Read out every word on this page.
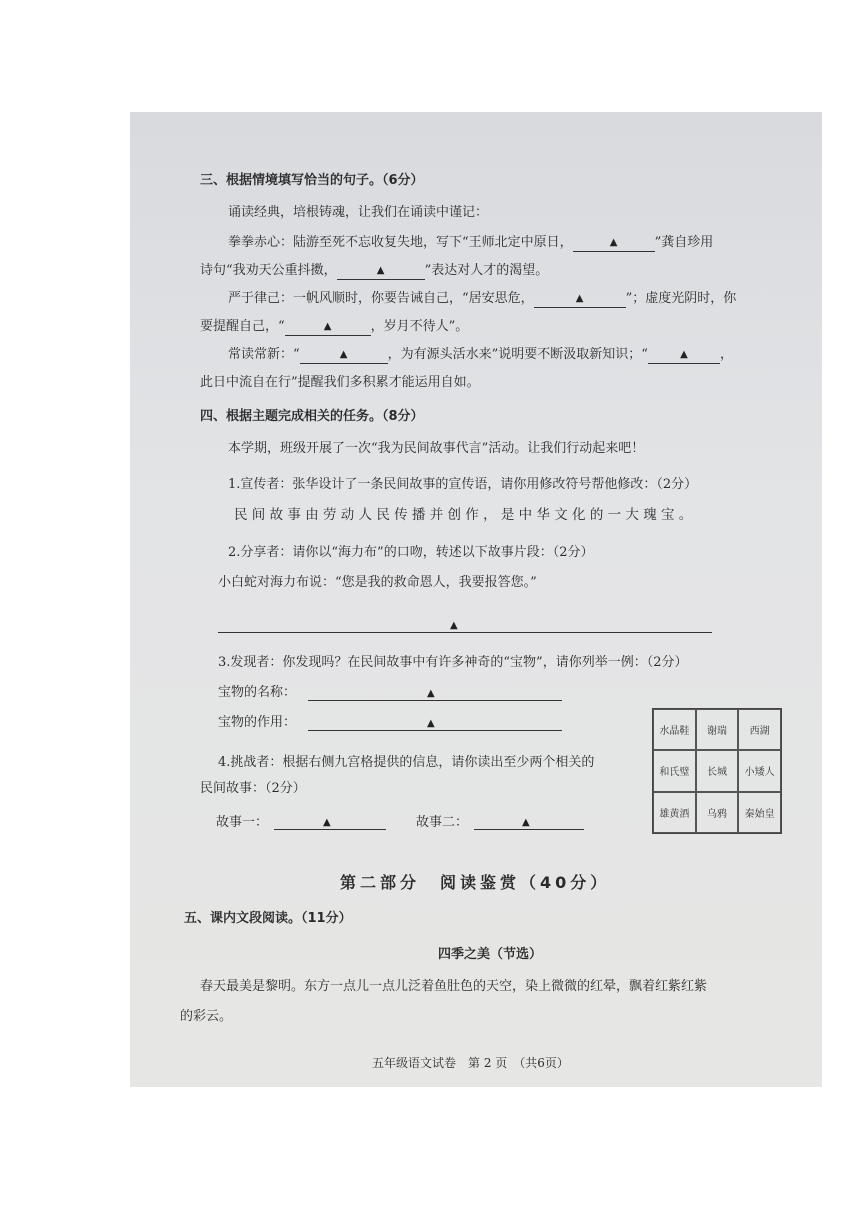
三、根据情境填写恰当的句子。（6分）
诵读经典，培根铸魂，让我们在诵读中谨记：
拳拳赤心：陆游至死不忘收复失地，写下“王师北定中原日，	▲	”龚自珍用
诗句“我劝天公重抖擞，	▲	”表达对人才的渴望。
严于律己：一帆风顺时，你要告诫自己，“居安思危，	▲	”；虚度光阴时，你
要提醒自己，“	▲	，岁月不待人”。
常读常新：“	▲	，为有源头活水来”说明要不断汲取新知识；“	▲ ，
此日中流自在行”提醒我们多积累才能运用自如。
四、根据主题完成相关的任务。（8分）
本学期，班级开展了一次“我为民间故事代言”活动。让我们行动起来吧！
1.宣传者：张华设计了一条民间故事的宣传语，请你用修改符号帮他修改：（2分）
民 间 故 事 由 劳 动 人 民 传 播 并 创 作 ， 是 中 华 文 化 的 一 大 瑰 宝 。
2.分享者：请你以“海力布”的口吻，转述以下故事片段：（2分）
小白蛇对海力布说：“您是我的救命恩人，我要报答您。”
▲
3.发现者：你发现吗？在民间故事中有许多神奇的“宝物”，请你列举一例：（2分）
宝物的名称：	▲
宝物的作用：	▲
4.挑战者：根据右侧九宫格提供的信息，请你读出至少两个相关的
民间故事：（2分）
故事一：	▲	故事二：	▲
水晶鞋	谢瑞	西湖
和氏璧	长城	小矮人
雄黄酒	乌鸦	秦始皇
第二部分　阅读鉴赏（40分）
五、课内文段阅读。（11分）
四季之美（节选）
春天最美是黎明。东方一点儿一点儿泛着鱼肚色的天空，染上微微的红晕，飘着红紫红紫
的彩云。
五年级语文试卷　第 2 页　（共6页）
